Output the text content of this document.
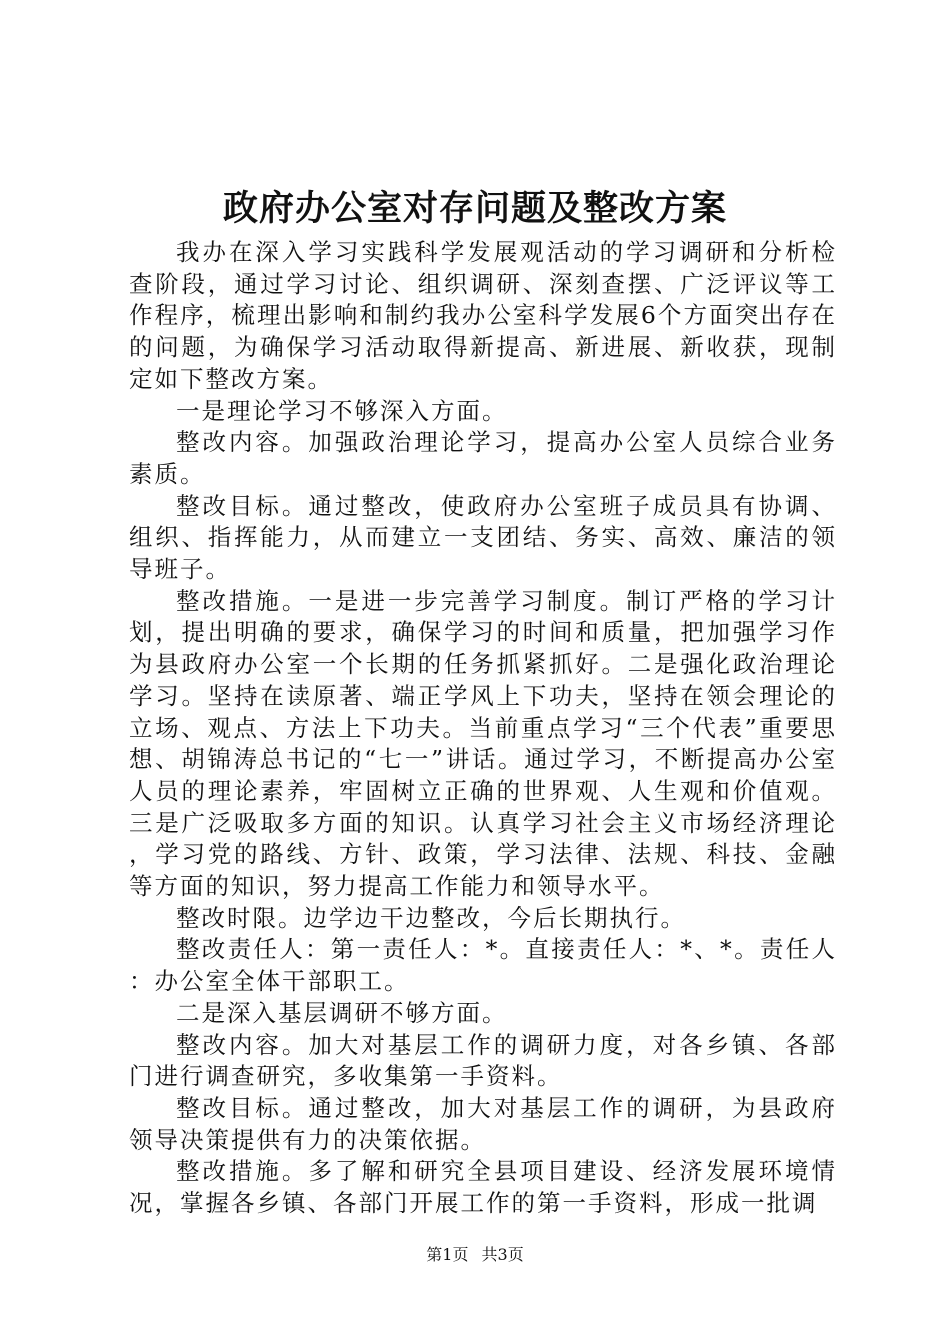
政府办公室对存问题及整改方案

我办在深入学习实践科学发展观活动的学习调研和分析检查阶段，通过学习讨论、组织调研、深刻查摆、广泛评议等工作程序，梳理出影响和制约我办公室科学发展6个方面突出存在的问题，为确保学习活动取得新提高、新进展、新收获，现制定如下整改方案。

一是理论学习不够深入方面。

整改内容。加强政治理论学习，提高办公室人员综合业务素质。

整改目标。通过整改，使政府办公室班子成员具有协调、组织、指挥能力，从而建立一支团结、务实、高效、廉洁的领导班子。

整改措施。一是进一步完善学习制度。制订严格的学习计划，提出明确的要求，确保学习的时间和质量，把加强学习作为县政府办公室一个长期的任务抓紧抓好。二是强化政治理论学习。坚持在读原著、端正学风上下功夫，坚持在领会理论的立场、观点、方法上下功夫。当前重点学习“三个代表”重要思想、胡锦涛总书记的“七一”讲话。通过学习，不断提高办公室人员的理论素养，牢固树立正确的世界观、人生观和价值观。三是广泛吸取多方面的知识。认真学习社会主义市场经济理论，学习党的路线、方针、政策，学习法律、法规、科技、金融等方面的知识，努力提高工作能力和领导水平。

整改时限。边学边干边整改，今后长期执行。

整改责任人：第一责任人：*。直接责任人：*、*。责任人：办公室全体干部职工。

二是深入基层调研不够方面。

整改内容。加大对基层工作的调研力度，对各乡镇、各部门进行调查研究，多收集第一手资料。

整改目标。通过整改，加大对基层工作的调研，为县政府领导决策提供有力的决策依据。

整改措施。多了解和研究全县项目建设、经济发展环境情况，掌握各乡镇、各部门开展工作的第一手资料，形成一批调

第1页 共3页
